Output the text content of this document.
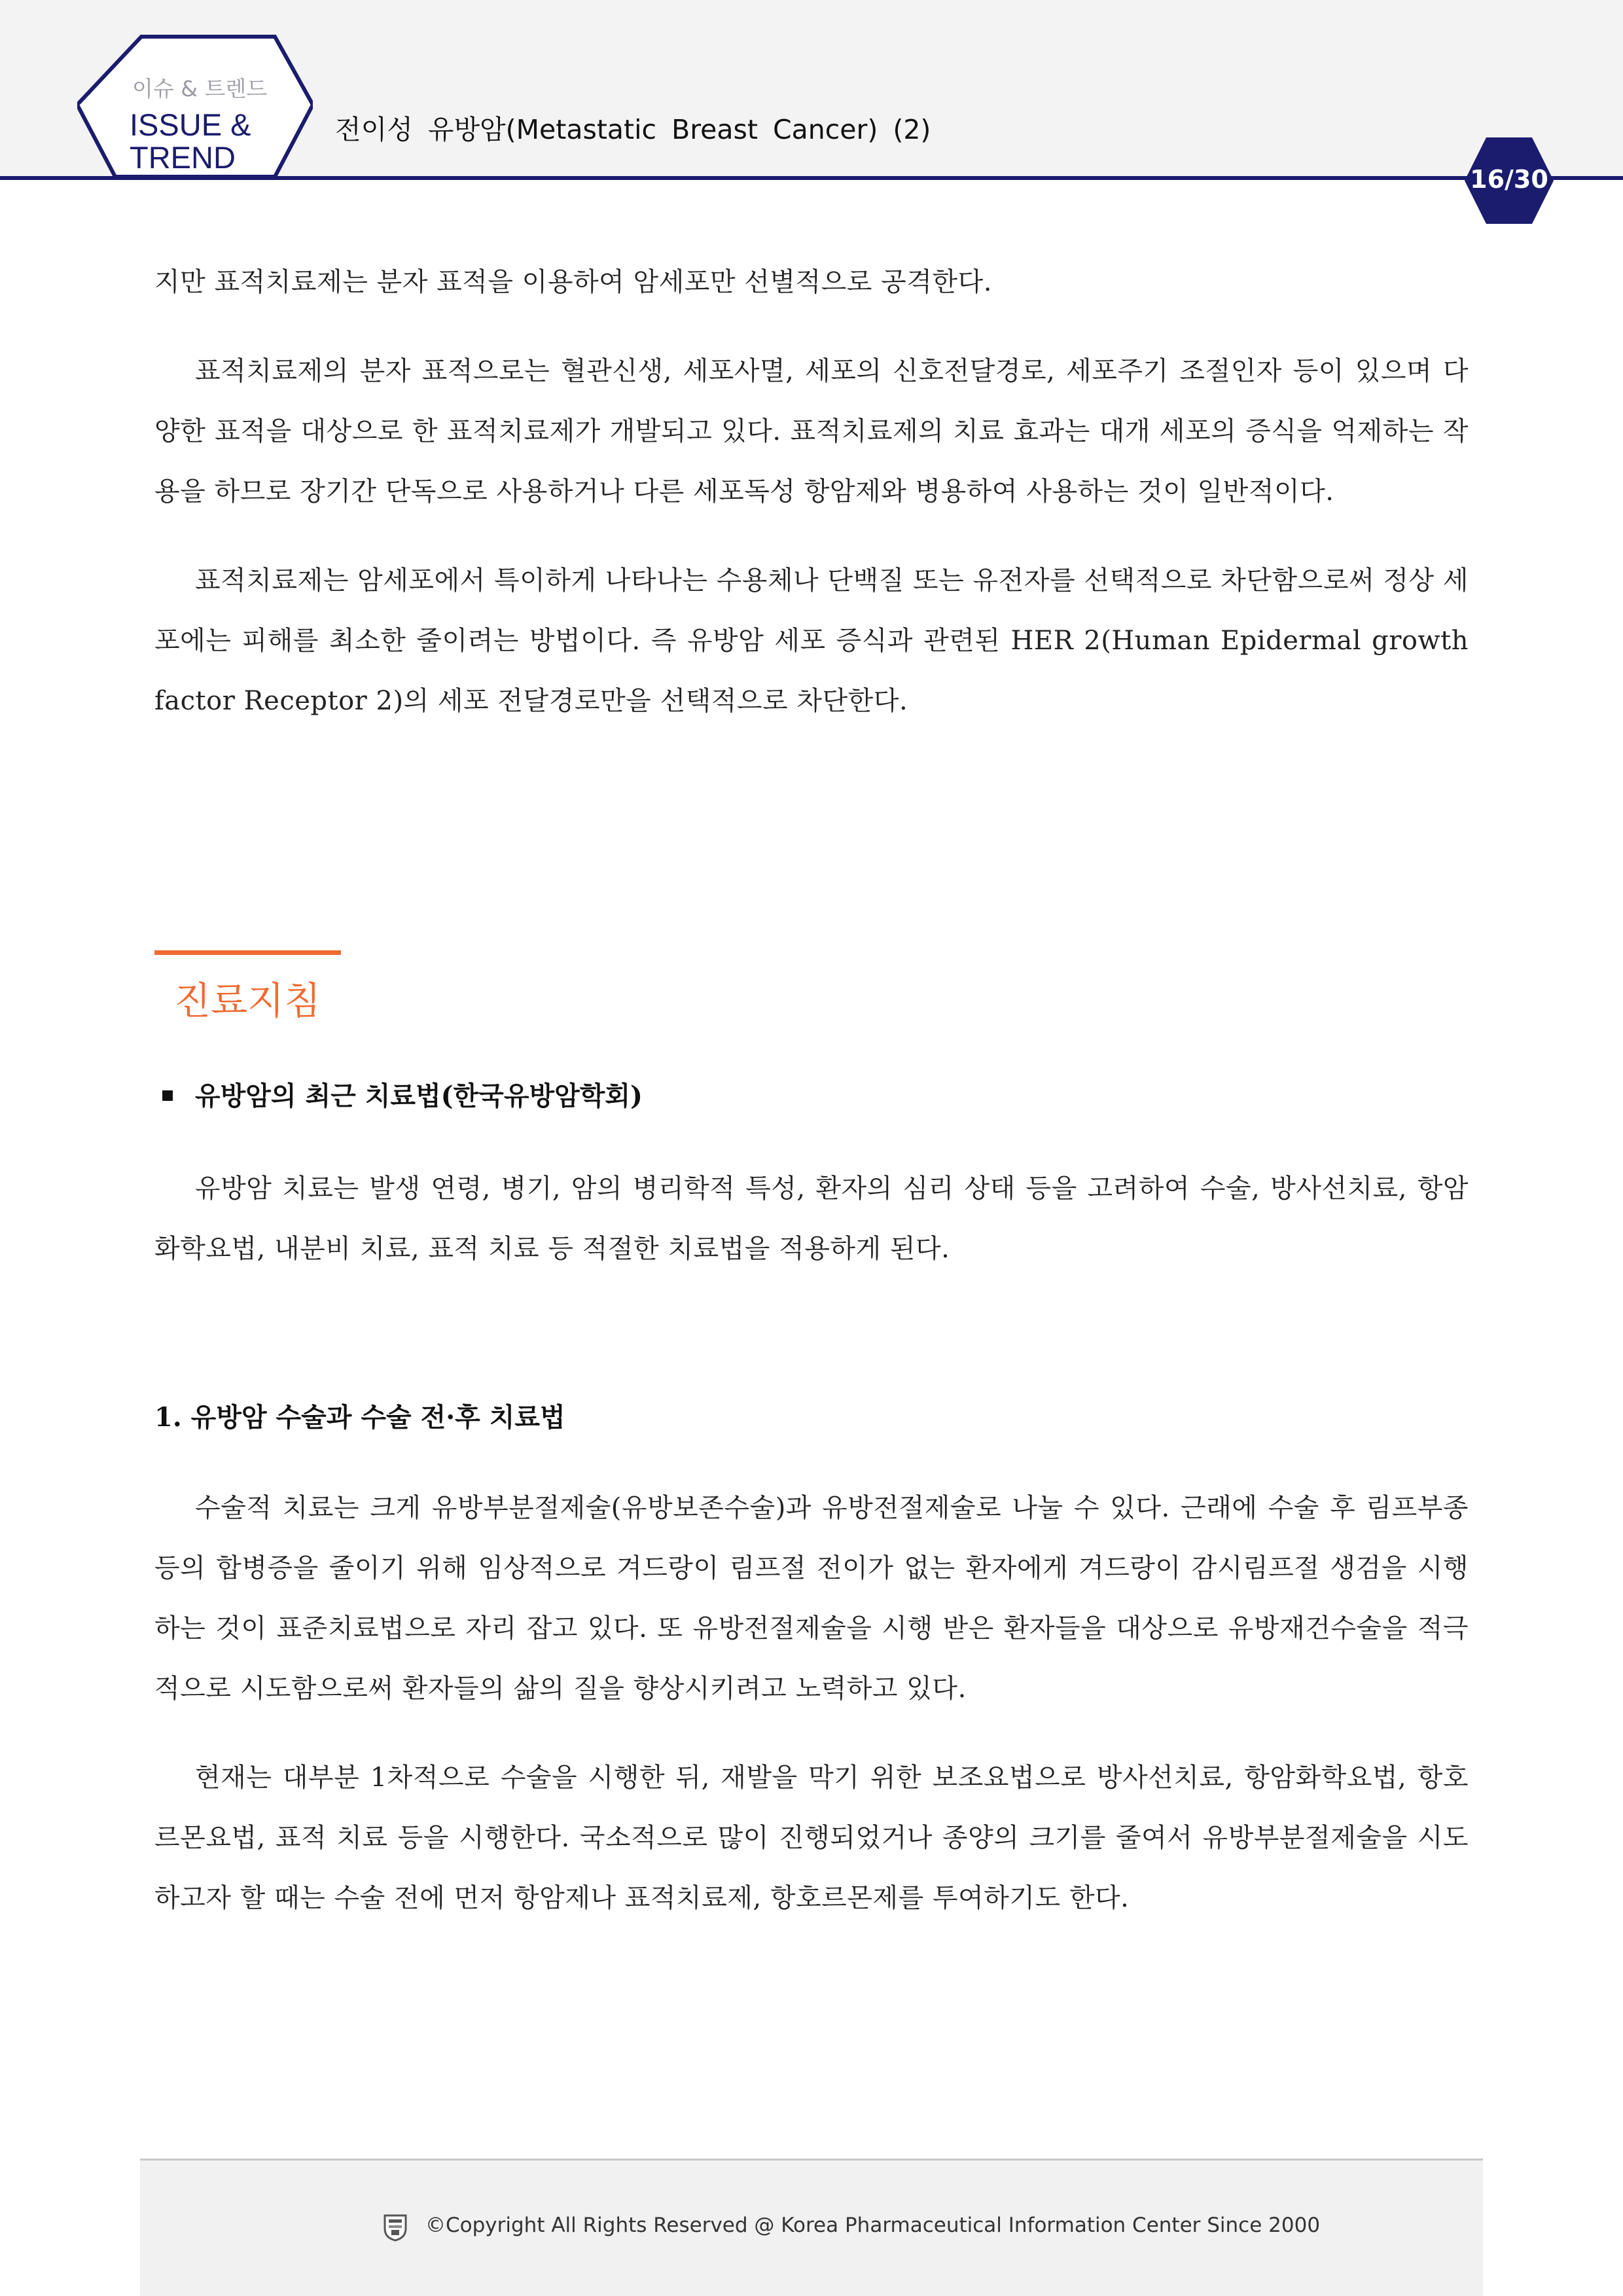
이슈 & 트렌드
ISSUE &
TREND
전이성 유방암(Metastatic Breast Cancer) (2)
16/30

지만 표적치료제는 분자 표적을 이용하여 암세포만 선별적으로 공격한다.

표적치료제의 분자 표적으로는 혈관신생, 세포사멸, 세포의 신호전달경로, 세포주기 조절인자 등이 있으며 다양한 표적을 대상으로 한 표적치료제가 개발되고 있다. 표적치료제의 치료 효과는 대개 세포의 증식을 억제하는 작용을 하므로 장기간 단독으로 사용하거나 다른 세포독성 항암제와 병용하여 사용하는 것이 일반적이다.

표적치료제는 암세포에서 특이하게 나타나는 수용체나 단백질 또는 유전자를 선택적으로 차단함으로써 정상 세포에는 피해를 최소한 줄이려는 방법이다. 즉 유방암 세포 증식과 관련된 HER 2(Human Epidermal growth factor Receptor 2)의 세포 전달경로만을 선택적으로 차단한다.

진료지침
유방암의 최근 치료법(한국유방암학회)

유방암 치료는 발생 연령, 병기, 암의 병리학적 특성, 환자의 심리 상태 등을 고려하여 수술, 방사선치료, 항암화학요법, 내분비 치료, 표적 치료 등 적절한 치료법을 적용하게 된다.

1. 유방암 수술과 수술 전·후 치료법

수술적 치료는 크게 유방부분절제술(유방보존수술)과 유방전절제술로 나눌 수 있다. 근래에 수술 후 림프부종 등의 합병증을 줄이기 위해 임상적으로 겨드랑이 림프절 전이가 없는 환자에게 겨드랑이 감시림프절 생검을 시행하는 것이 표준치료법으로 자리 잡고 있다. 또 유방전절제술을 시행 받은 환자들을 대상으로 유방재건수술을 적극적으로 시도함으로써 환자들의 삶의 질을 향상시키려고 노력하고 있다.

현재는 대부분 1차적으로 수술을 시행한 뒤, 재발을 막기 위한 보조요법으로 방사선치료, 항암화학요법, 항호르몬요법, 표적 치료 등을 시행한다. 국소적으로 많이 진행되었거나 종양의 크기를 줄여서 유방부분절제술을 시도하고자 할 때는 수술 전에 먼저 항암제나 표적치료제, 항호르몬제를 투여하기도 한다.

©Copyright All Rights Reserved @ Korea Pharmaceutical Information Center Since 2000
